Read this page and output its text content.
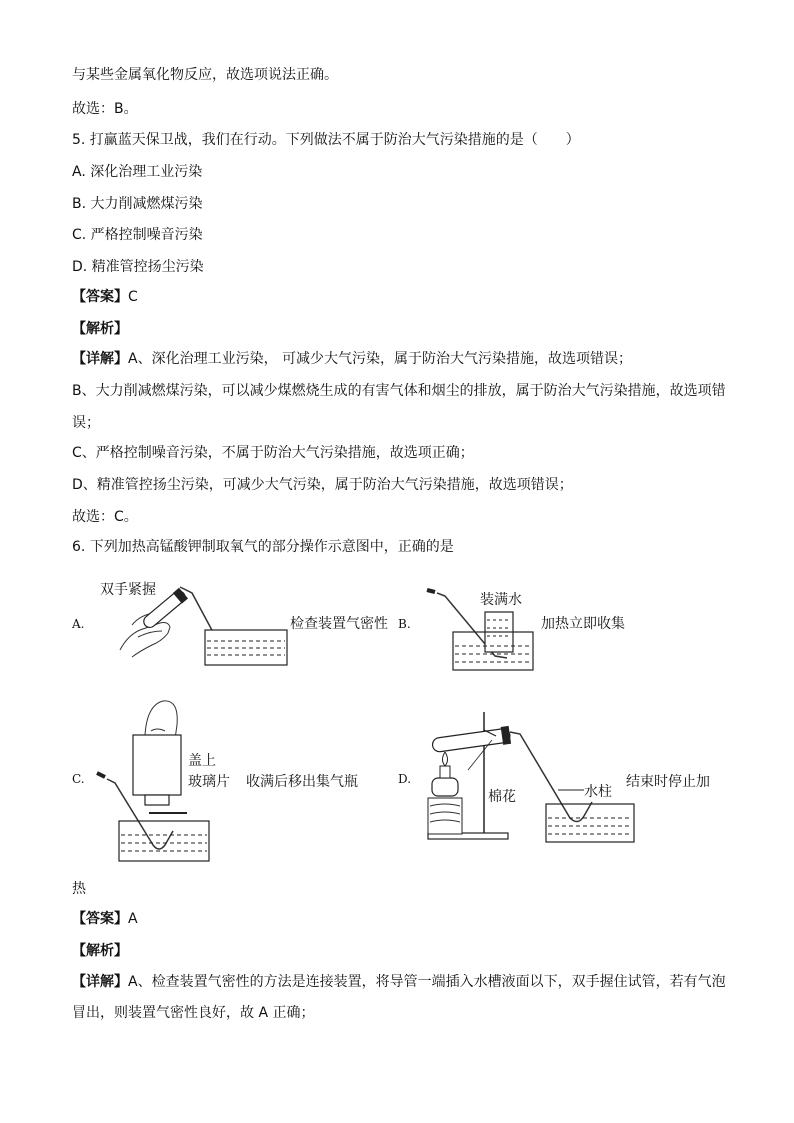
与某些金属氧化物反应，故选项说法正确。
故选：B。
5. 打赢蓝天保卫战，我们在行动。下列做法不属于防治大气污染措施的是（　　）
A. 深化治理工业污染
B. 大力削减燃煤污染
C. 严格控制噪音污染
D. 精准管控扬尘污染
【答案】C
【解析】
【详解】A、深化治理工业污染， 可减少大气污染，属于防治大气污染措施，故选项错误；
B、大力削减燃煤污染，可以减少煤燃烧生成的有害气体和烟尘的排放，属于防治大气污染措施，故选项错
误；
C、严格控制噪音污染，不属于防治大气污染措施，故选项正确；
D、精准管控扬尘污染，可减少大气污染，属于防治大气污染措施，故选项错误；
故选：C。
6. 下列加热高锰酸钾制取氧气的部分操作示意图中，正确的是
A.
双手紧握
检查装置气密性 B.
装满水
加热立即收集
C.
盖上
玻璃片 收满后移出集气瓶	D.
棉花	水柱
结束时停止加
热
【答案】A
【解析】
【详解】A、检查装置气密性的方法是连接装置，将导管一端插入水槽液面以下，双手握住试管，若有气泡
冒出，则装置气密性良好，故 A 正确；
